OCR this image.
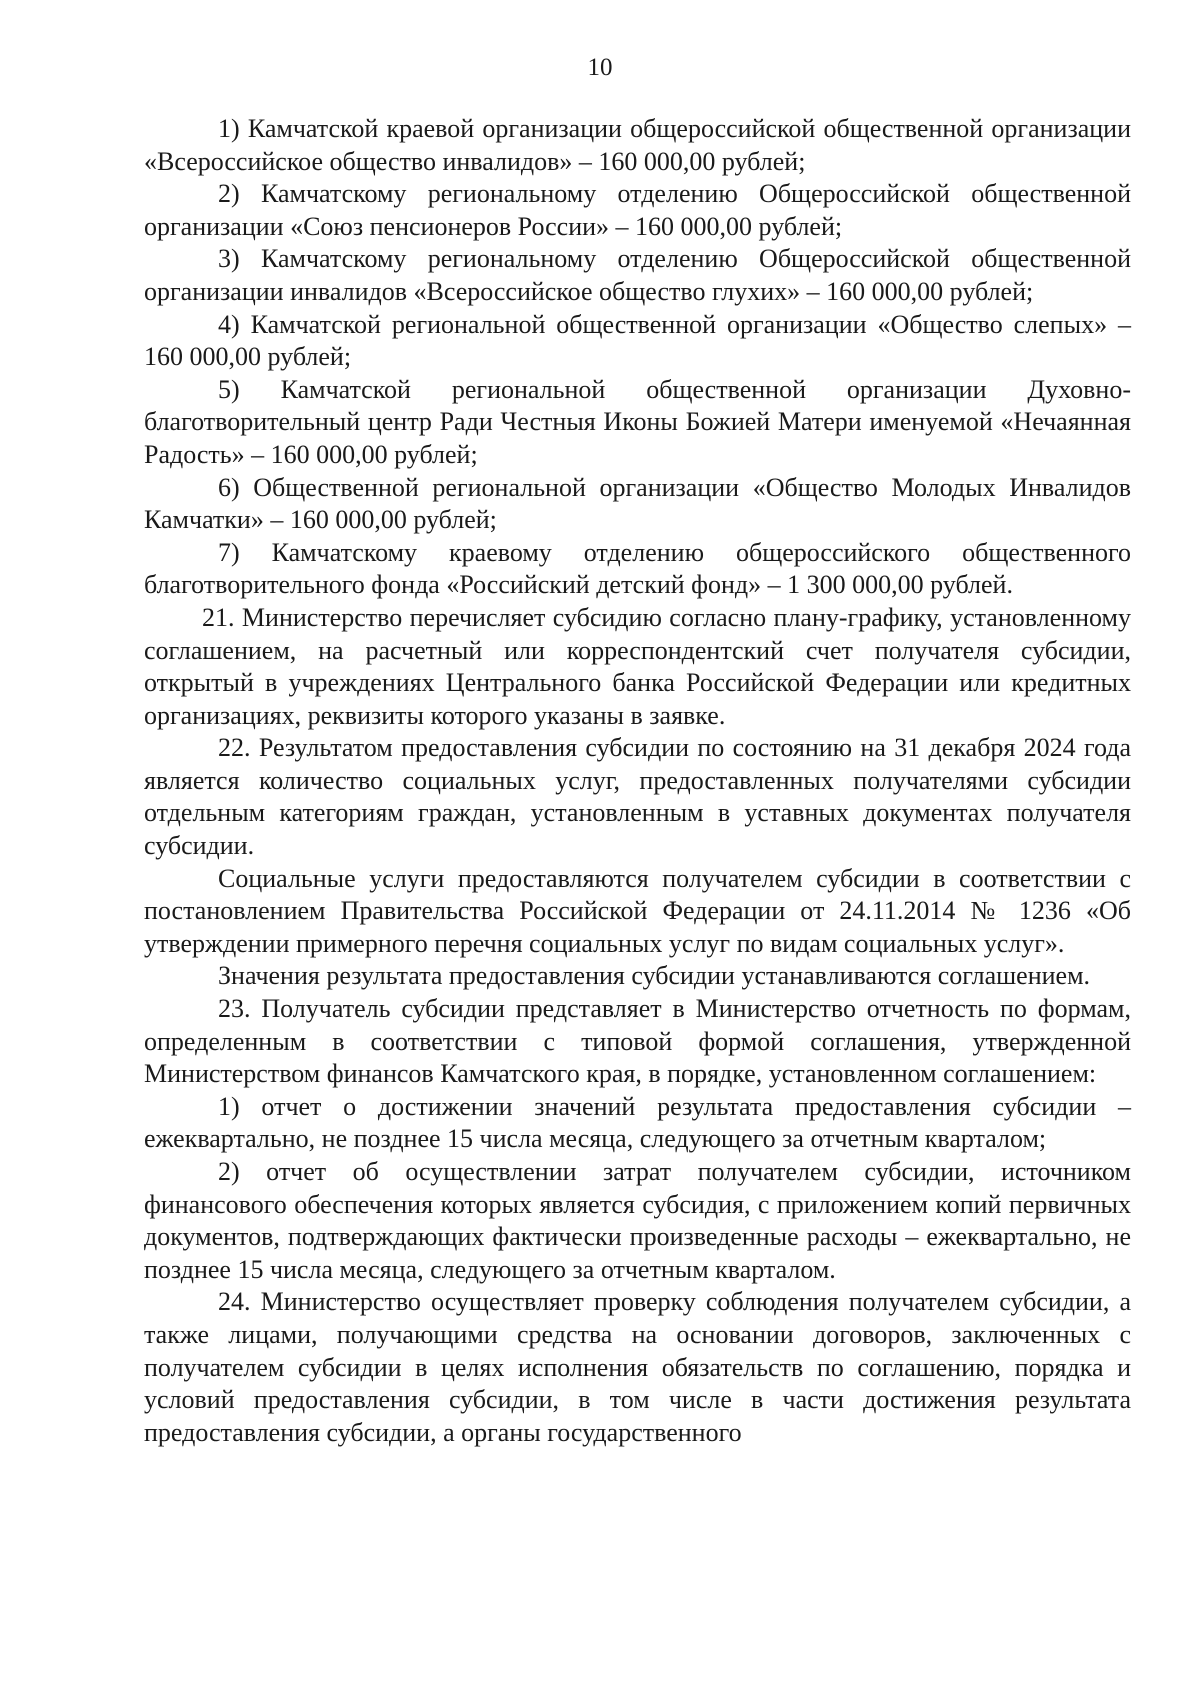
10

1) Камчатской краевой организации общероссийской общественной организации «Всероссийское общество инвалидов» – 160 000,00 рублей;

2) Камчатскому региональному отделению Общероссийской общественной организации «Союз пенсионеров России» – 160 000,00 рублей;

3) Камчатскому региональному отделению Общероссийской общественной организации инвалидов «Всероссийское общество глухих» – 160 000,00 рублей;

4) Камчатской региональной общественной организации «Общество слепых» – 160 000,00 рублей;

5) Камчатской региональной общественной организации Духовно-благотворительный центр Ради Честныя Иконы Божией Матери именуемой «Нечаянная Радость» – 160 000,00 рублей;

6) Общественной региональной организации «Общество Молодых Инвалидов Камчатки» – 160 000,00 рублей;

7) Камчатскому краевому отделению общероссийского общественного благотворительного фонда «Российский детский фонд» – 1 300 000,00 рублей.

21. Министерство перечисляет субсидию согласно плану-графику, установленному соглашением, на расчетный или корреспондентский счет получателя субсидии, открытый в учреждениях Центрального банка Российской Федерации или кредитных организациях, реквизиты которого указаны в заявке.

22. Результатом предоставления субсидии по состоянию на 31 декабря 2024 года является количество социальных услуг, предоставленных получателями субсидии отдельным категориям граждан, установленным в уставных документах получателя субсидии.

Социальные услуги предоставляются получателем субсидии в соответствии с постановлением Правительства Российской Федерации от 24.11.2014 № 1236 «Об утверждении примерного перечня социальных услуг по видам социальных услуг».

Значения результата предоставления субсидии устанавливаются соглашением.

23. Получатель субсидии представляет в Министерство отчетность по формам, определенным в соответствии с типовой формой соглашения, утвержденной Министерством финансов Камчатского края, в порядке, установленном соглашением:

1) отчет о достижении значений результата предоставления субсидии – ежеквартально, не позднее 15 числа месяца, следующего за отчетным кварталом;

2) отчет об осуществлении затрат получателем субсидии, источником финансового обеспечения которых является субсидия, с приложением копий первичных документов, подтверждающих фактически произведенные расходы – ежеквартально, не позднее 15 числа месяца, следующего за отчетным кварталом.

24. Министерство осуществляет проверку соблюдения получателем субсидии, а также лицами, получающими средства на основании договоров, заключенных с получателем субсидии в целях исполнения обязательств по соглашению, порядка и условий предоставления субсидии, в том числе в части достижения результата предоставления субсидии, а органы государственного
